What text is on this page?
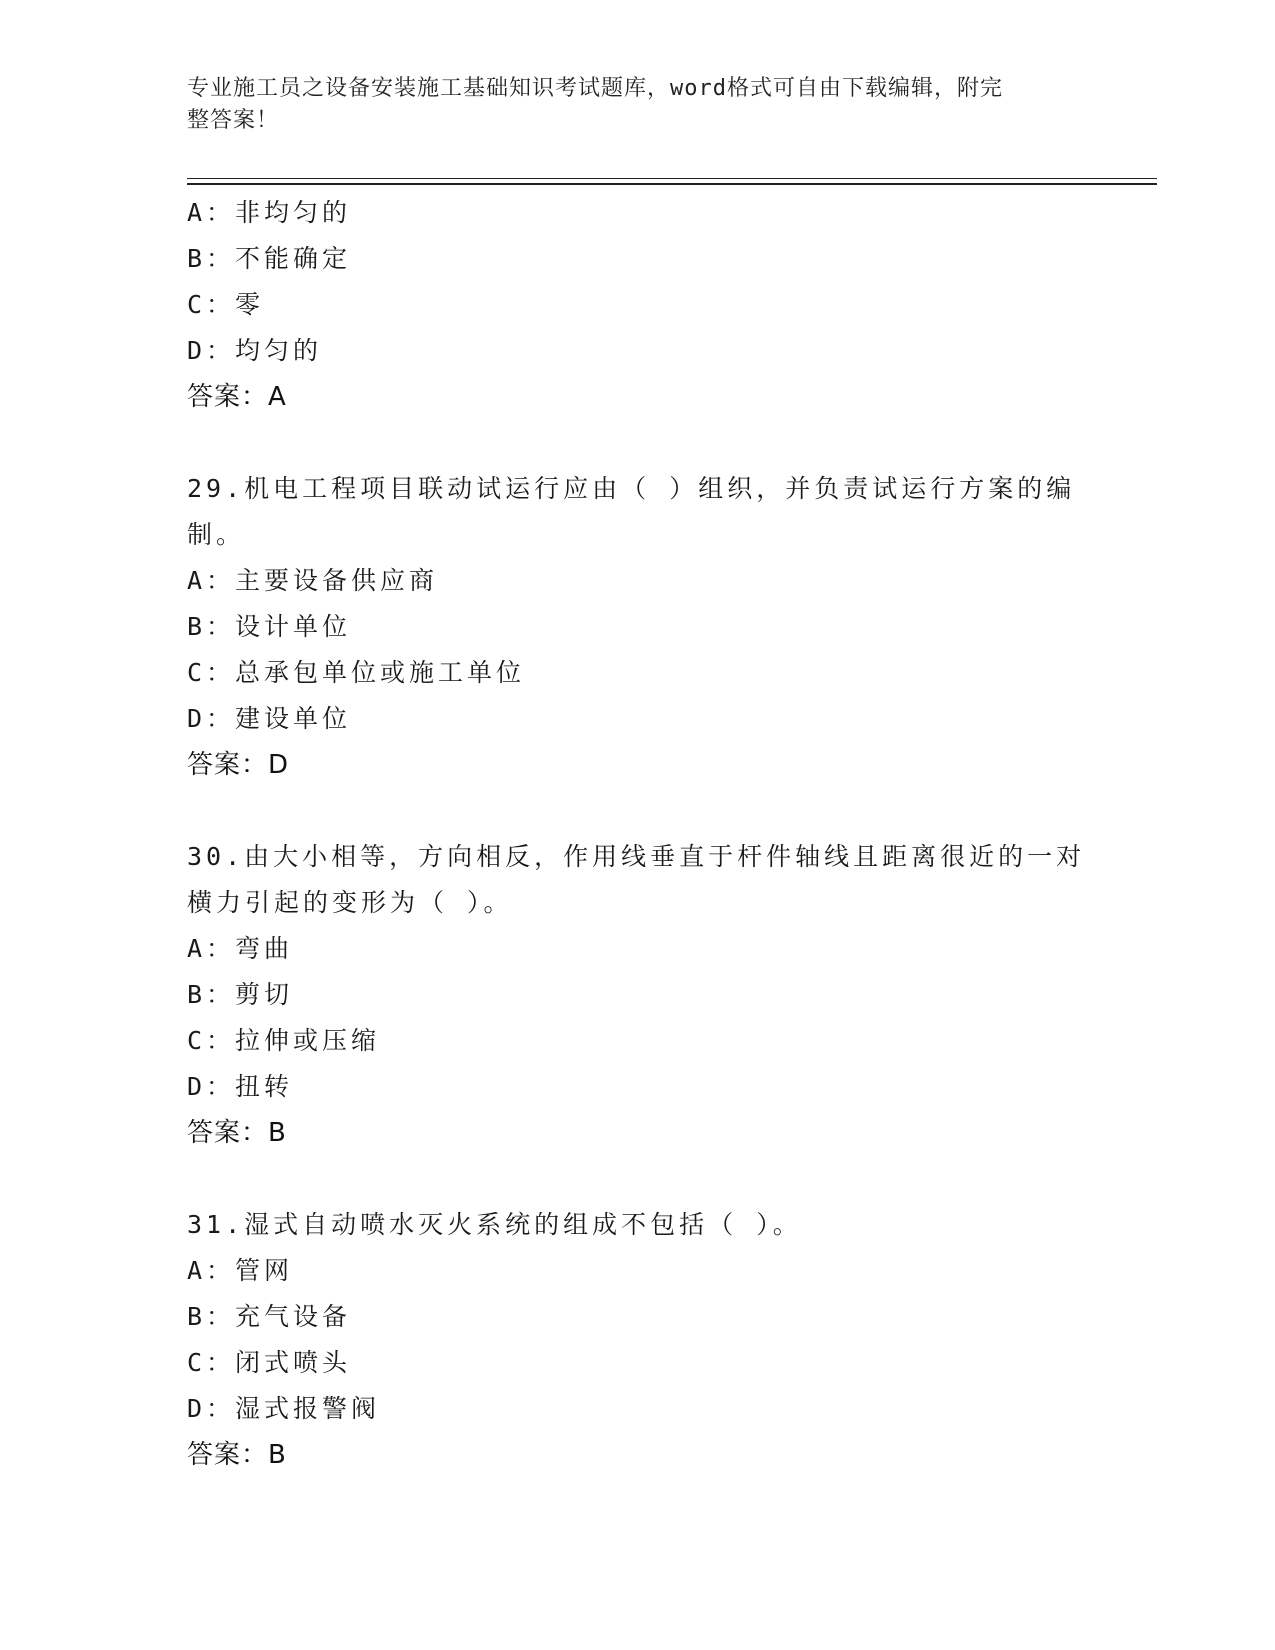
专业施工员之设备安装施工基础知识考试题库，word格式可自由下载编辑，附完
整答案！
A：非均匀的
B：不能确定
C：零
D：均匀的
答案：A
29.机电工程项目联动试运行应由（ ）组织，并负责试运行方案的编
制。
A：主要设备供应商
B：设计单位
C：总承包单位或施工单位
D：建设单位
答案：D
30.由大小相等，方向相反，作用线垂直于杆件轴线且距离很近的一对
横力引起的变形为（ ）。
A：弯曲
B：剪切
C：拉伸或压缩
D：扭转
答案：B
31.湿式自动喷水灭火系统的组成不包括（ ）。
A：管网
B：充气设备
C：闭式喷头
D：湿式报警阀
答案：B
